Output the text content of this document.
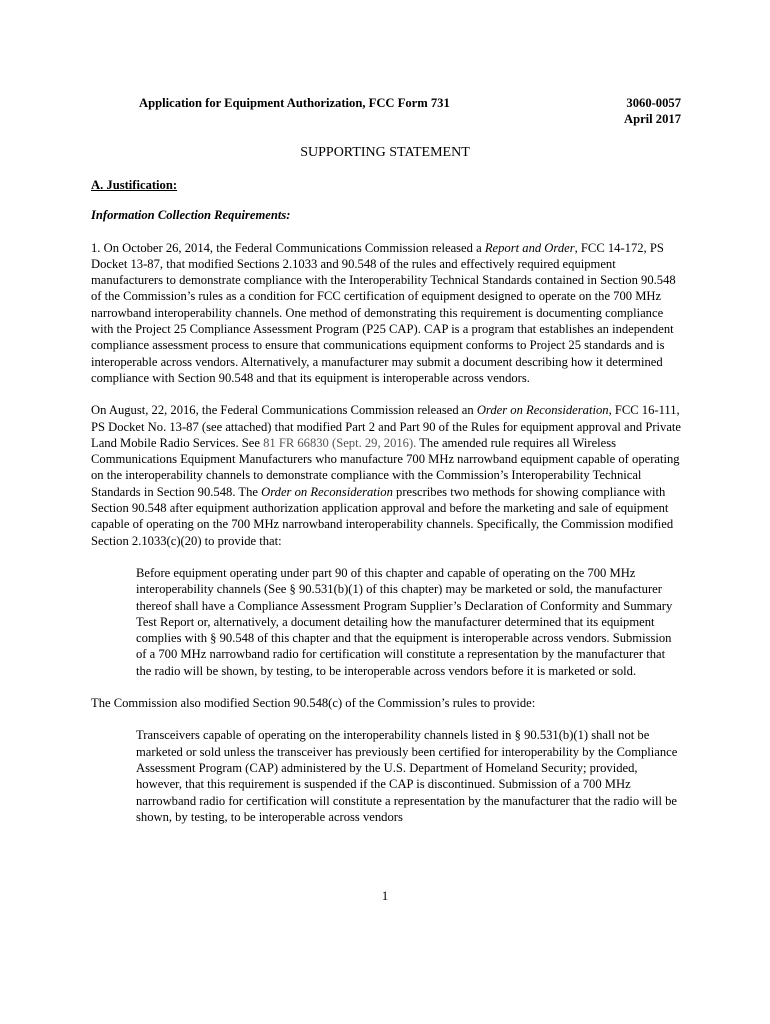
Application for Equipment Authorization, FCC Form 731	3060-0057
April 2017
SUPPORTING STATEMENT
A. Justification:
Information Collection Requirements:
1. On October 26, 2014, the Federal Communications Commission released a Report and Order, FCC 14-172, PS Docket 13-87, that modified Sections 2.1033 and 90.548 of the rules and effectively required equipment manufacturers to demonstrate compliance with the Interoperability Technical Standards contained in Section 90.548 of the Commission’s rules as a condition for FCC certification of equipment designed to operate on the 700 MHz narrowband interoperability channels. One method of demonstrating this requirement is documenting compliance with the Project 25 Compliance Assessment Program (P25 CAP). CAP is a program that establishes an independent compliance assessment process to ensure that communications equipment conforms to Project 25 standards and is interoperable across vendors. Alternatively, a manufacturer may submit a document describing how it determined compliance with Section 90.548 and that its equipment is interoperable across vendors.
On August, 22, 2016, the Federal Communications Commission released an Order on Reconsideration, FCC 16-111, PS Docket No. 13-87 (see attached) that modified Part 2 and Part 90 of the Rules for equipment approval and Private Land Mobile Radio Services. See 81 FR 66830 (Sept. 29, 2016). The amended rule requires all Wireless Communications Equipment Manufacturers who manufacture 700 MHz narrowband equipment capable of operating on the interoperability channels to demonstrate compliance with the Commission’s Interoperability Technical Standards in Section 90.548. The Order on Reconsideration prescribes two methods for showing compliance with Section 90.548 after equipment authorization application approval and before the marketing and sale of equipment capable of operating on the 700 MHz narrowband interoperability channels. Specifically, the Commission modified Section 2.1033(c)(20) to provide that:
Before equipment operating under part 90 of this chapter and capable of operating on the 700 MHz interoperability channels (See § 90.531(b)(1) of this chapter) may be marketed or sold, the manufacturer thereof shall have a Compliance Assessment Program Supplier’s Declaration of Conformity and Summary Test Report or, alternatively, a document detailing how the manufacturer determined that its equipment complies with § 90.548 of this chapter and that the equipment is interoperable across vendors. Submission of a 700 MHz narrowband radio for certification will constitute a representation by the manufacturer that the radio will be shown, by testing, to be interoperable across vendors before it is marketed or sold.
The Commission also modified Section 90.548(c) of the Commission’s rules to provide:
Transceivers capable of operating on the interoperability channels listed in § 90.531(b)(1) shall not be marketed or sold unless the transceiver has previously been certified for interoperability by the Compliance Assessment Program (CAP) administered by the U.S. Department of Homeland Security; provided, however, that this requirement is suspended if the CAP is discontinued. Submission of a 700 MHz narrowband radio for certification will constitute a representation by the manufacturer that the radio will be shown, by testing, to be interoperable across vendors
1
